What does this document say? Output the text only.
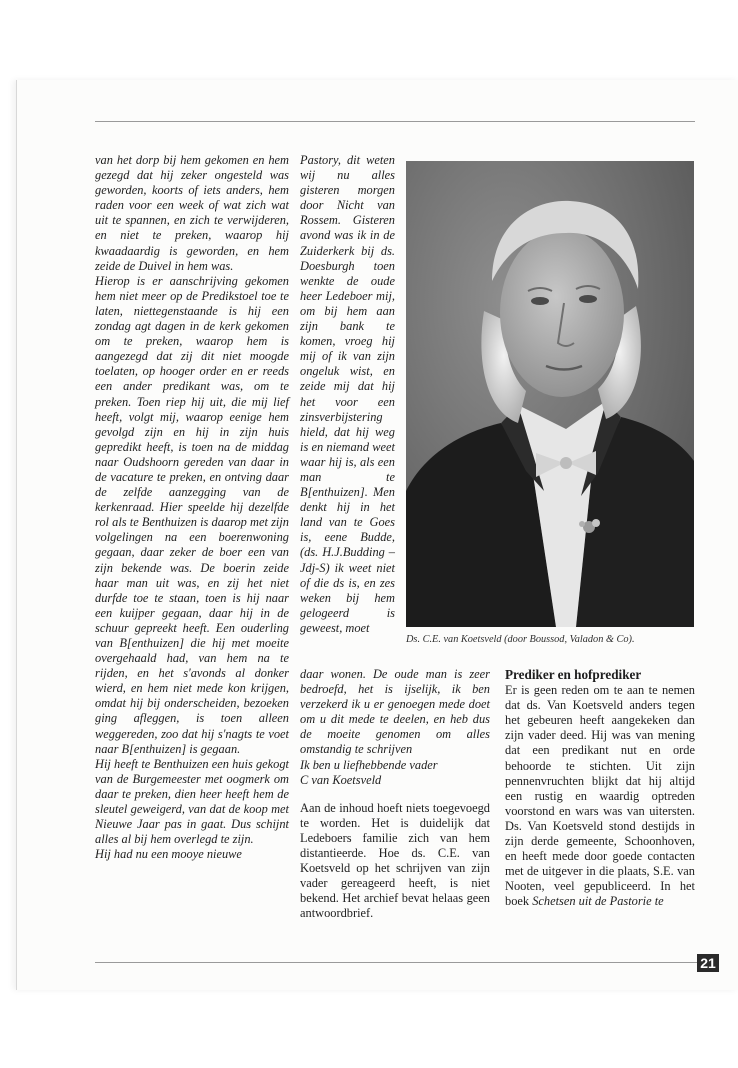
van het dorp bij hem gekomen en hem gezegd dat hij zeker ongesteld was geworden, koorts of iets anders, hem raden voor een week of wat zich wat uit te spannen, en zich te verwijderen, en niet te preken, waarop hij kwaadaardig is geworden, en hem zeide de Duivel in hem was.

Hierop is er aanschrijving gekomen hem niet meer op de Predikstoel toe te laten, niettegenstaande is hij een zondag agt dagen in de kerk gekomen om te preken, waarop hem is aangezegd dat zij dit niet moogde toelaten, op hooger order en er reeds een ander predikant was, om te preken. Toen riep hij uit, die mij lief heeft, volgt mij, waarop eenige hem gevolgd zijn en hij in zijn huis gepredikt heeft, is toen na de middag naar Oudshoorn gereden van daar in de vacature te preken, en ontving daar de zelfde aanzegging van de kerkenraad. Hier speelde hij dezelfde rol als te Benthuizen is daarop met zijn volgelingen na een boerenwoning gegaan, daar zeker de boer een van zijn bekende was. De boerin zeide haar man uit was, en zij het niet durfde toe te staan, toen is hij naar een kuijper gegaan, daar hij in de schuur gepreekt heeft. Een ouderling van B[enthuizen] die hij met moeite overgehaald had, van hem na te rijden, en het s'avonds al donker wierd, en hem niet mede kon krijgen, omdat hij bij onderscheiden, bezoeken ging afleggen, is toen alleen weggereden, zoo dat hij s'nagts te voet naar B[enthuizen] is gegaan.

Hij heeft te Benthuizen een huis gekogt van de Burgemeester met oogmerk om daar te preken, dien heer heeft hem de sleutel geweigerd, van dat de koop met Nieuwe Jaar pas in gaat. Dus schijnt alles al bij hem overlegd te zijn.

Hij had nu een mooye nieuwe

Pastory, dit weten wij nu alles gisteren morgen door Nicht van Rossem. Gisteren avond was ik in de Zuiderkerk bij ds. Doesburgh toen wenkte de oude heer Ledeboer mij, om bij hem aan zijn bank te komen, vroeg hij mij of ik van zijn ongeluk wist, en zeide mij dat hij het voor een zinsverbijstering hield, dat hij weg is en niemand weet waar hij is, als een man te B[enthuizen]. Men denkt hij in het land van te Goes is, eene Budde, (ds. H.J.Budding – Jdj-S) ik weet niet of die ds is, en zes weken bij hem gelogeerd is geweest, moet

Ds. C.E. van Koetsveld (door Boussod, Valadon & Co).

daar wonen. De oude man is zeer bedroefd, het is ijselijk, ik ben verzekerd ik u er genoegen mede doet om u dit mede te deelen, en heb dus de moeite genomen om alles omstandig te schrijven

Ik ben u liefhebbende vader

C van Koetsveld

Aan de inhoud hoeft niets toegevoegd te worden. Het is duidelijk dat Ledeboers familie zich van hem distantieerde. Hoe ds. C.E. van Koetsveld op het schrijven van zijn vader gereageerd heeft, is niet bekend. Het archief bevat helaas geen antwoordbrief.

Prediker en hofprediker

Er is geen reden om te aan te nemen dat ds. Van Koetsveld anders tegen het gebeuren heeft aangekeken dan zijn vader deed. Hij was van mening dat een predikant nut en orde behoorde te stichten. Uit zijn pennenvruchten blijkt dat hij altijd een rustig en waardig optreden voorstond en wars was van uitersten. Ds. Van Koetsveld stond destijds in zijn derde gemeente, Schoonhoven, en heeft mede door goede contacten met de uitgever in die plaats, S.E. van Nooten, veel gepubliceerd. In het boek Schetsen uit de Pastorie te

21
